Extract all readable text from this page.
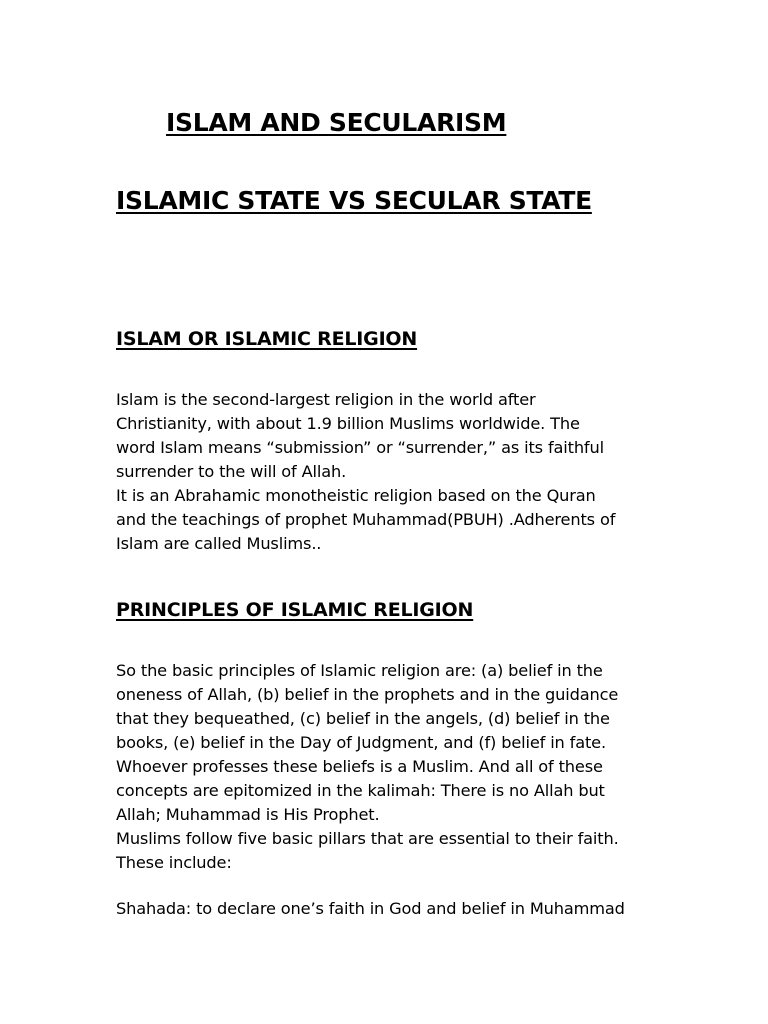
ISLAM AND SECULARISM
ISLAMIC STATE VS SECULAR STATE
ISLAM OR ISLAMIC RELIGION
Islam is the second-largest religion in the world after
Christianity, with about 1.9 billion Muslims worldwide. The
word Islam means “submission” or “surrender,” as its faithful
surrender to the will of Allah.
It is an Abrahamic monotheistic religion based on the Quran
and the teachings of prophet Muhammad(PBUH) .Adherents of
Islam are called Muslims..
PRINCIPLES OF ISLAMIC RELIGION
So the basic principles of Islamic religion are: (a) belief in the
oneness of Allah, (b) belief in the prophets and in the guidance
that they bequeathed, (c) belief in the angels, (d) belief in the
books, (e) belief in the Day of Judgment, and (f) belief in fate.
Whoever professes these beliefs is a Muslim. And all of these
concepts are epitomized in the kalimah: There is no Allah but
Allah; Muhammad is His Prophet.
Muslims follow five basic pillars that are essential to their faith.
These include:
Shahada: to declare one’s faith in God and belief in Muhammad
